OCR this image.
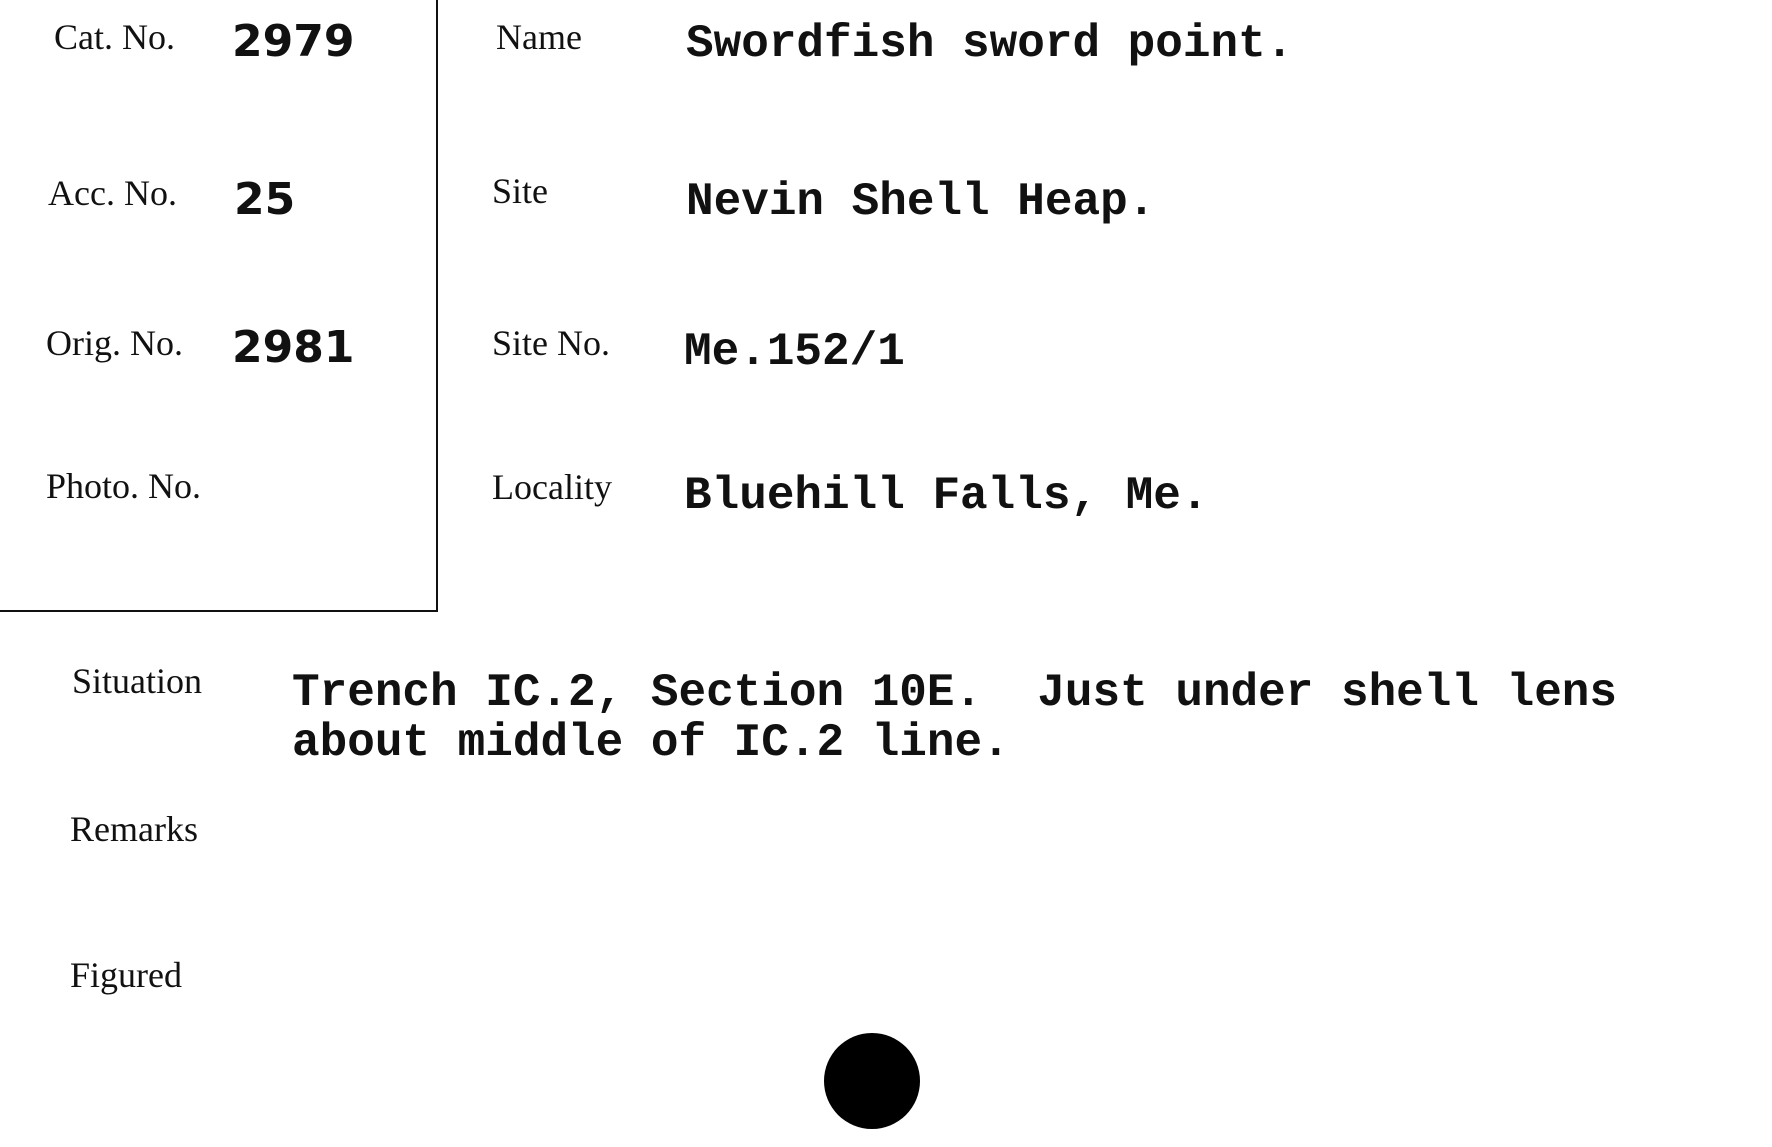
Cat. No. 2979
Acc. No. 25
Orig. No. 2981
Photo. No.
Name Swordfish sword point.
Site	Nevin Shell Heap.
Site No. Me.152/1
Locality Bluehill Falls, Me.
Situation Trench IC.2, Section 10E.  Just under shell lens
about middle of IC.2 line.
Remarks
Figured
